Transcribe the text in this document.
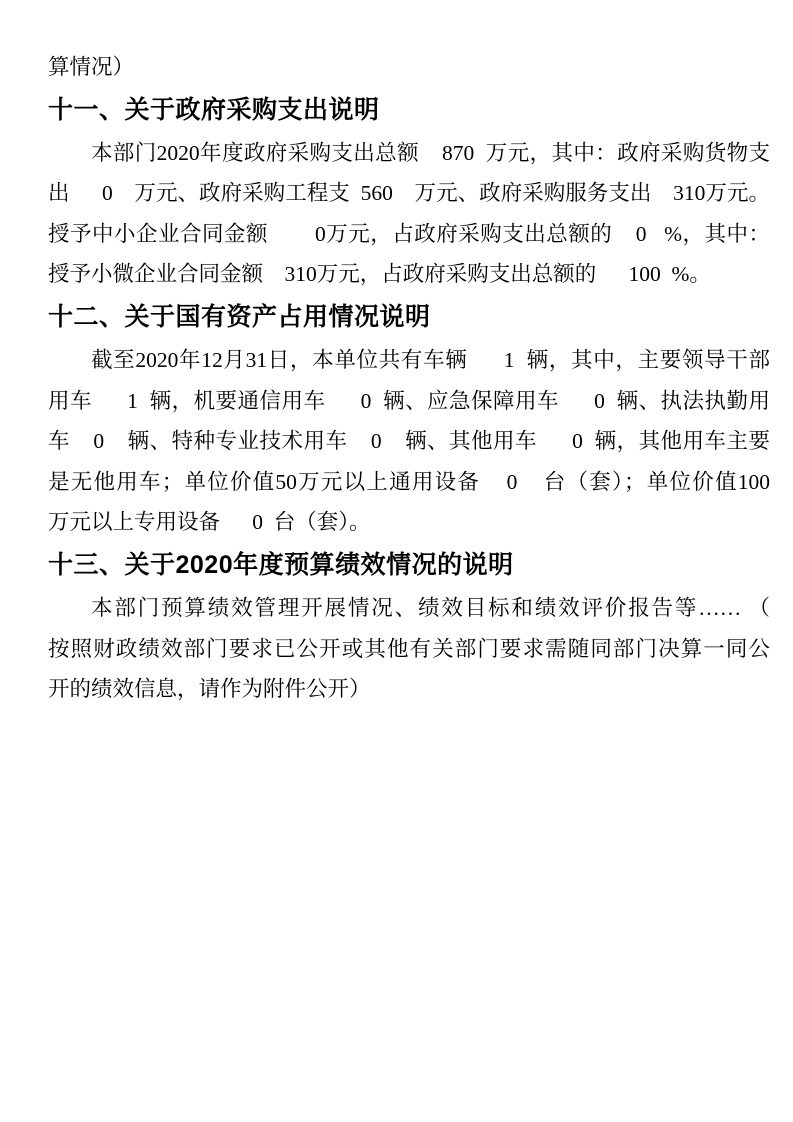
算情况）
十一、关于政府采购支出说明
本部门2020年度政府采购支出总额    870  万元，其中：政府采购货物支
出      0    万元、政府采购工程支  560    万元、政府采购服务支出    310万元。
授予中小企业合同金额        0万元，占政府采购支出总额的    0   %，其中：
授予小微企业合同金额    310万元，占政府采购支出总额的      100  %。
十二、关于国有资产占用情况说明
截至2020年12月31日，本单位共有车辆      1  辆，其中，主要领导干部
用车      1  辆，机要通信用车      0  辆、应急保障用车      0  辆、执法执勤用
车    0    辆、特种专业技术用车    0    辆、其他用车      0  辆，其他用车主要
是无他用车；单位价值50万元以上通用设备    0    台（套）；单位价值100
万元以上专用设备      0  台（套）。
十三、关于2020年度预算绩效情况的说明
本部门预算绩效管理开展情况、绩效目标和绩效评价报告等…… （
按照财政绩效部门要求已公开或其他有关部门要求需随同部门决算一同公
开的绩效信息，请作为附件公开）
